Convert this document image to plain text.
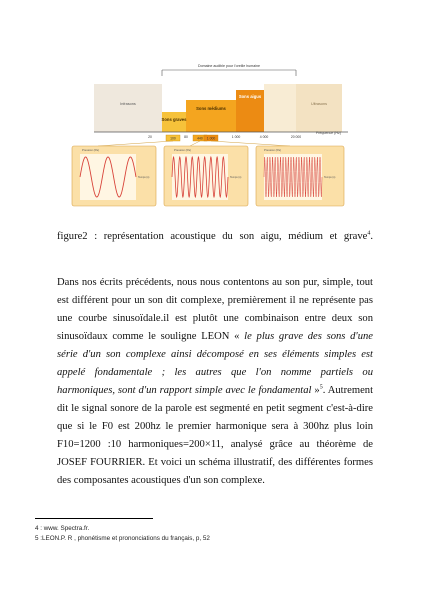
Domaine audible pour l'oreille humaine
Infrasons
Sons graves
Sons médiums
Sons aigus
Ultrasons
20	80	1 000	4 000	20 000
Fréquence (Hz)
100	440 1 000
Pression (Pa)
Temps (s)
Pression (Pa)
Temps (s)
Pression (Pa)
Temps (s)
figure2 : représentation acoustique du son aigu, médium et grave$^4$.

Dans nos écrits précédents, nous nous contentons au son pur, simple, tout est différent pour un son dit complexe, premièrement il ne représente pas une courbe sinusoïdale.il est plutôt une combinaison entre deux son sinusoïdaux comme le souligne LEON « le plus grave des sons d'une série d'un son complexe ainsi décomposé en ses éléments simples est appelé fondamentale ; les autres que l'on nomme partiels ou harmoniques, sont d'un rapport simple avec le fondamental »$^5$. Autrement dit le signal sonore de la parole est segmenté en petit segment c'est-à-dire que si le F0 est 200hz le premier harmonique sera à 300hz plus loin F10=1200 :10 harmoniques=200×11, analysé grâce au théorème de JOSEF FOURRIER. Et voici un schéma illustratif, des différentes formes des composantes acoustiques d'un son complexe.

4 : www. Spectra.fr.
5 :LEON.P. R , phonétisme et prononciations du français, p, 52
